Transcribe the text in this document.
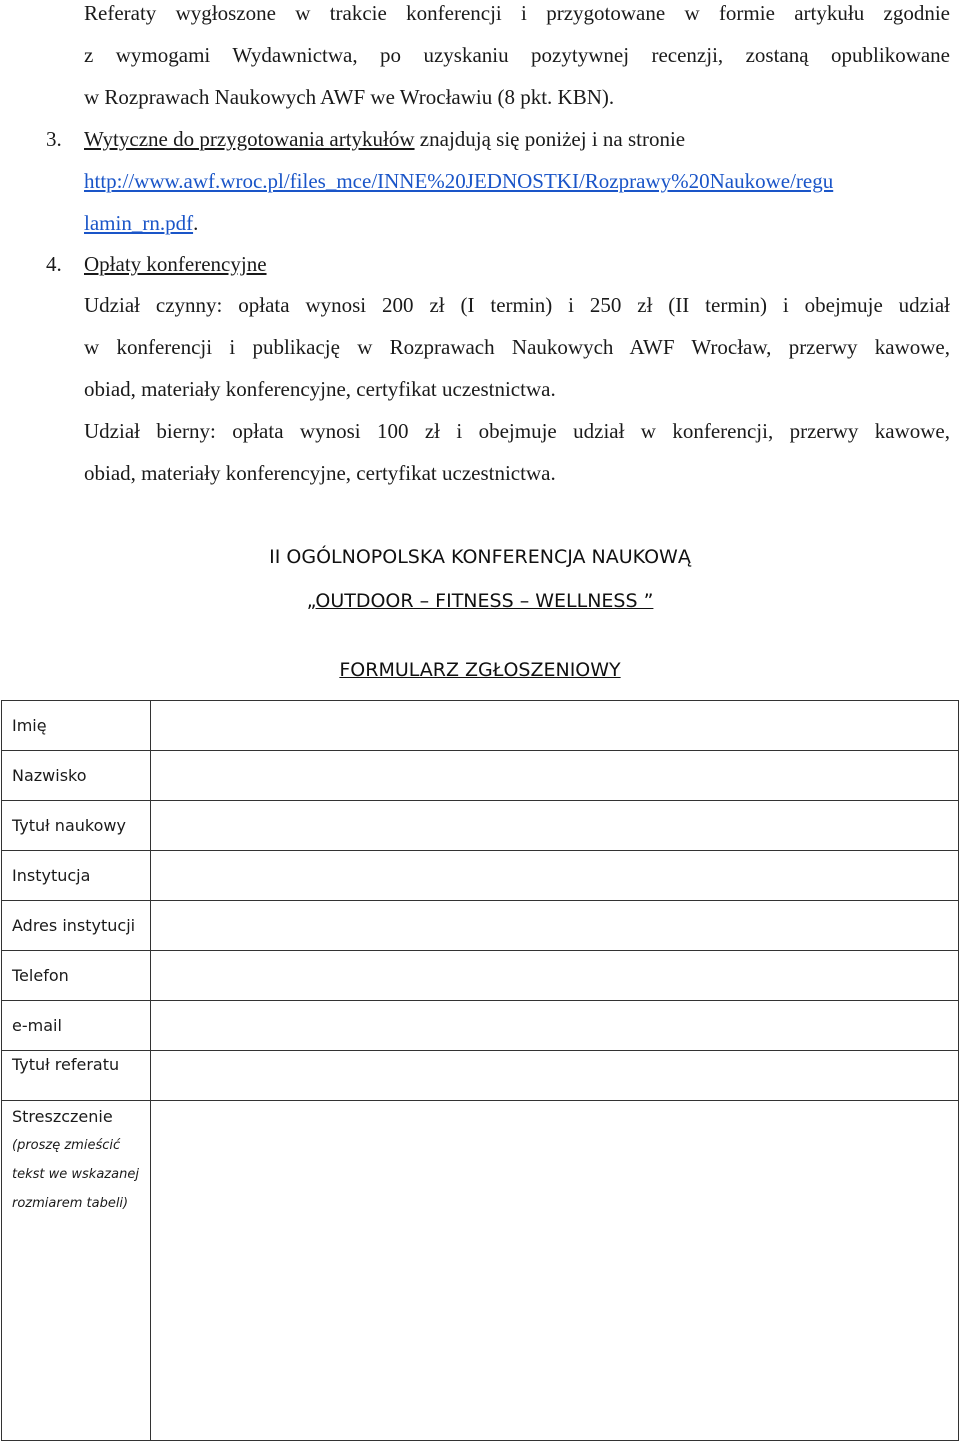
Referaty wygłoszone w trakcie konferencji i przygotowane w formie artykułu zgodnie
z wymogami Wydawnictwa, po uzyskaniu pozytywnej recenzji, zostaną opublikowane
w Rozprawach Naukowych AWF we Wrocławiu (8 pkt. KBN).
3. Wytyczne do przygotowania artykułów znajdują się poniżej i na stronie
http://www.awf.wroc.pl/files_mce/INNE%20JEDNOSTKI/Rozprawy%20Naukowe/regu
lamin_rn.pdf.
4. Opłaty konferencyjne
Udział czynny: opłata wynosi 200 zł (I termin) i 250 zł (II termin) i obejmuje udział
w konferencji i publikację w Rozprawach Naukowych AWF Wrocław, przerwy kawowe,
obiad, materiały konferencyjne, certyfikat uczestnictwa.
Udział bierny: opłata wynosi 100 zł i obejmuje udział w konferencji, przerwy kawowe,
obiad, materiały konferencyjne, certyfikat uczestnictwa.
II OGÓLNOPOLSKA KONFERENCJA NAUKOWĄ
„OUTDOOR – FITNESS – WELLNESS ”
FORMULARZ ZGŁOSZENIOWY
Imię	

Nazwisko	

Tytuł naukowy	

Instytucja	

Adres instytucji	

Telefon	

e-mail	

Tytuł referatu	

Streszczenie
(proszę zmieścić
tekst we wskazanej
rozmiarem tabeli)	
